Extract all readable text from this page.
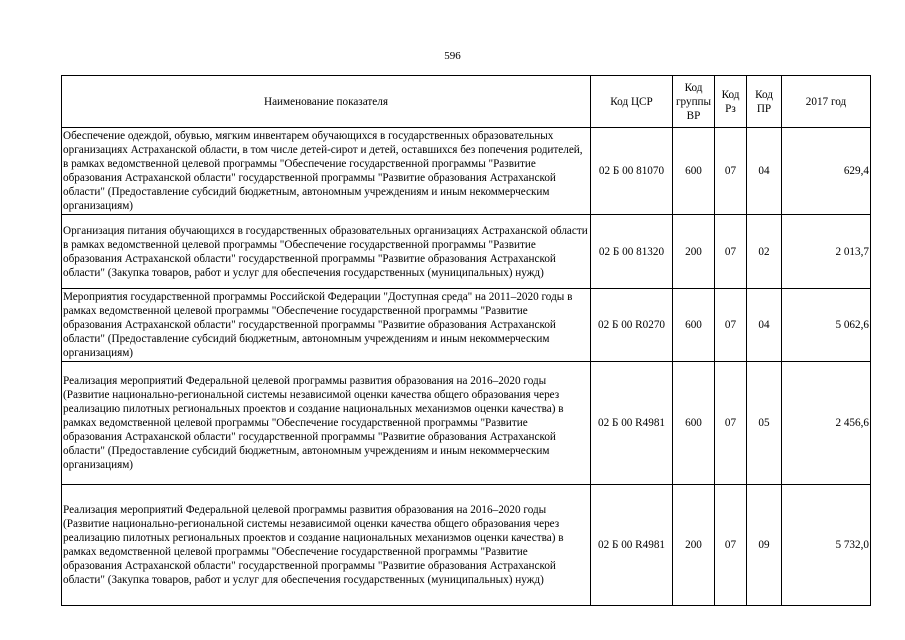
596
Наименование показателя	Код ЦСР	Код группы ВР	Код Рз	Код ПР	2017 год
Обеспечение одеждой, обувью, мягким инвентарем обучающихся в государственных образовательных организациях Астраханской области, в том числе детей-сирот и детей, оставшихся без попечения родителей, в рамках ведомственной целевой программы "Обеспечение государственной программы "Развитие образования Астраханской области" государственной программы "Развитие образования Астраханской области" (Предоставление субсидий бюджетным, автономным учреждениям и иным некоммерческим организациям)	02 Б 00 81070	600	07	04	629,4
Организация питания обучающихся в государственных образовательных организациях Астраханской области в рамках ведомственной целевой программы "Обеспечение государственной программы "Развитие образования Астраханской области" государственной программы "Развитие образования Астраханской области" (Закупка товаров, работ и услуг для обеспечения государственных (муниципальных) нужд)	02 Б 00 81320	200	07	02	2 013,7
Мероприятия государственной программы Российской Федерации "Доступная среда" на 2011–2020 годы в рамках ведомственной целевой программы "Обеспечение государственной программы "Развитие образования Астраханской области" государственной программы "Развитие образования Астраханской области" (Предоставление субсидий бюджетным, автономным учреждениям и иным некоммерческим организациям)	02 Б 00 R0270	600	07	04	5 062,6
Реализация мероприятий Федеральной целевой программы развития образования на 2016–2020 годы (Развитие национально-региональной системы независимой оценки качества общего образования через реализацию пилотных региональных проектов и создание национальных механизмов оценки качества) в рамках ведомственной целевой программы "Обеспечение государственной программы "Развитие образования Астраханской области" государственной программы "Развитие образования Астраханской области" (Предоставление субсидий бюджетным, автономным учреждениям и иным некоммерческим организациям)	02 Б 00 R4981	600	07	05	2 456,6
Реализация мероприятий Федеральной целевой программы развития образования на 2016–2020 годы (Развитие национально-региональной системы независимой оценки качества общего образования через реализацию пилотных региональных проектов и создание национальных механизмов оценки качества) в рамках ведомственной целевой программы "Обеспечение государственной программы "Развитие образования Астраханской области" государственной программы "Развитие образования Астраханской области" (Закупка товаров, работ и услуг для обеспечения государственных (муниципальных) нужд)	02 Б 00 R4981	200	07	09	5 732,0
